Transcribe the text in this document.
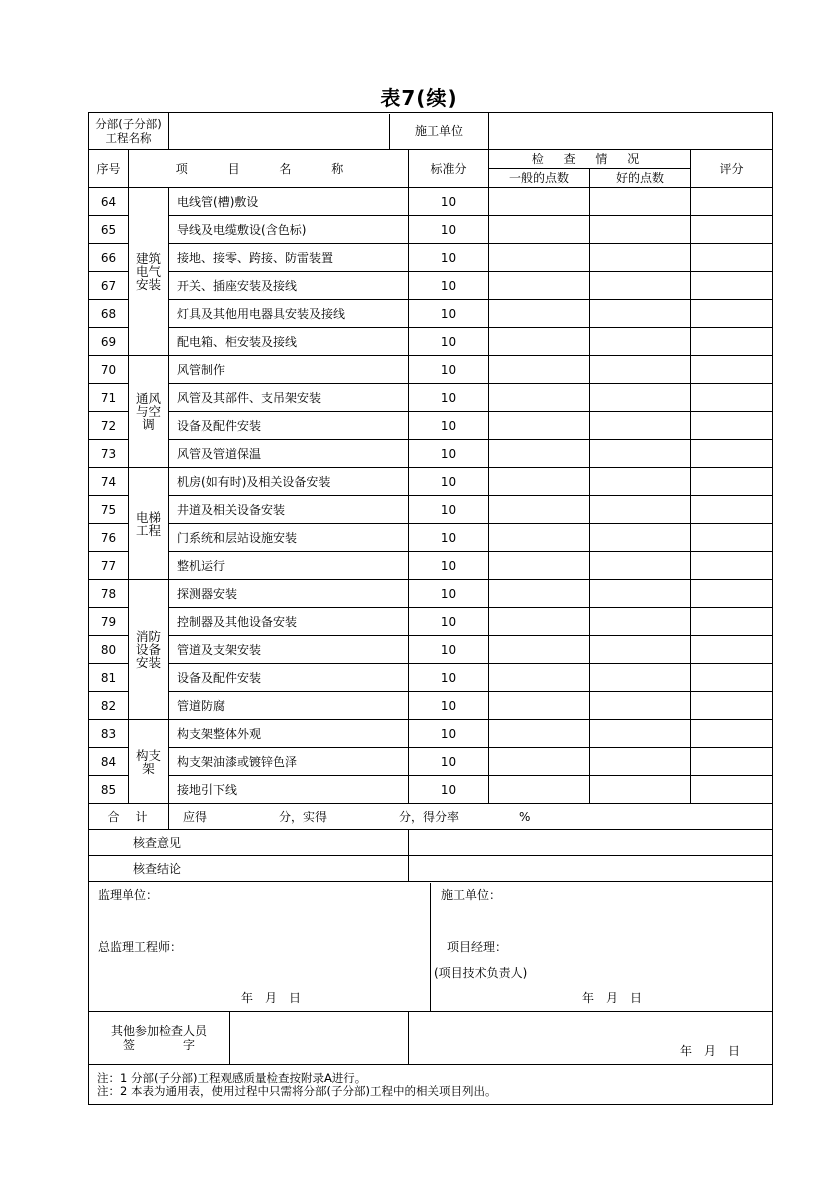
表7(续)
分部(子分部)
工程名称

		施工单位

序号	项 目 名 称	标准分	检 查 情 况	评分
一般的点数	好的点数
64	建筑电气安装	电线管(槽)敷设	10			
65	导线及电缆敷设(含色标)	10			
66	接地、接零、跨接、防雷装置	10			
67	开关、插座安装及接线	10			
68	灯具及其他用电器具安装及接线	10			
69	配电箱、柜安装及接线	10			
70	通风与空调	风管制作	10			
71	风管及其部件、支吊架安装	10			
72	设备及配件安装	10			
73	风管及管道保温	10			
74	电梯工程	机房(如有时)及相关设备安装	10			
75	井道及相关设备安装	10			
76	门系统和层站设施安装	10			
77	整机运行	10			
78	消防设备安装	探测器安装	10			
79	控制器及其他设备安装	10			
80	管道及支架安装	10			
81	设备及配件安装	10			
82	管道防腐	10			
83	构支架	构支架整体外观	10			
84	构支架油漆或镀锌色泽	10			
85	接地引下线	10			
合　计	应得　　　　　　分，实得　　　　　　分，得分率　　　　　%
核查意见	
核查结论	

监理单位：
总监理工程师：
年　月　日
施工单位：
项目经理：
(项目技术负责人)
年　月　日

其他参加检查人员
签　　　　字	年　月　日

注：1 分部(子分部)工程观感质量检查按附录A进行。
注：2 本表为通用表，使用过程中只需将分部(子分部)工程中的相关项目列出。
